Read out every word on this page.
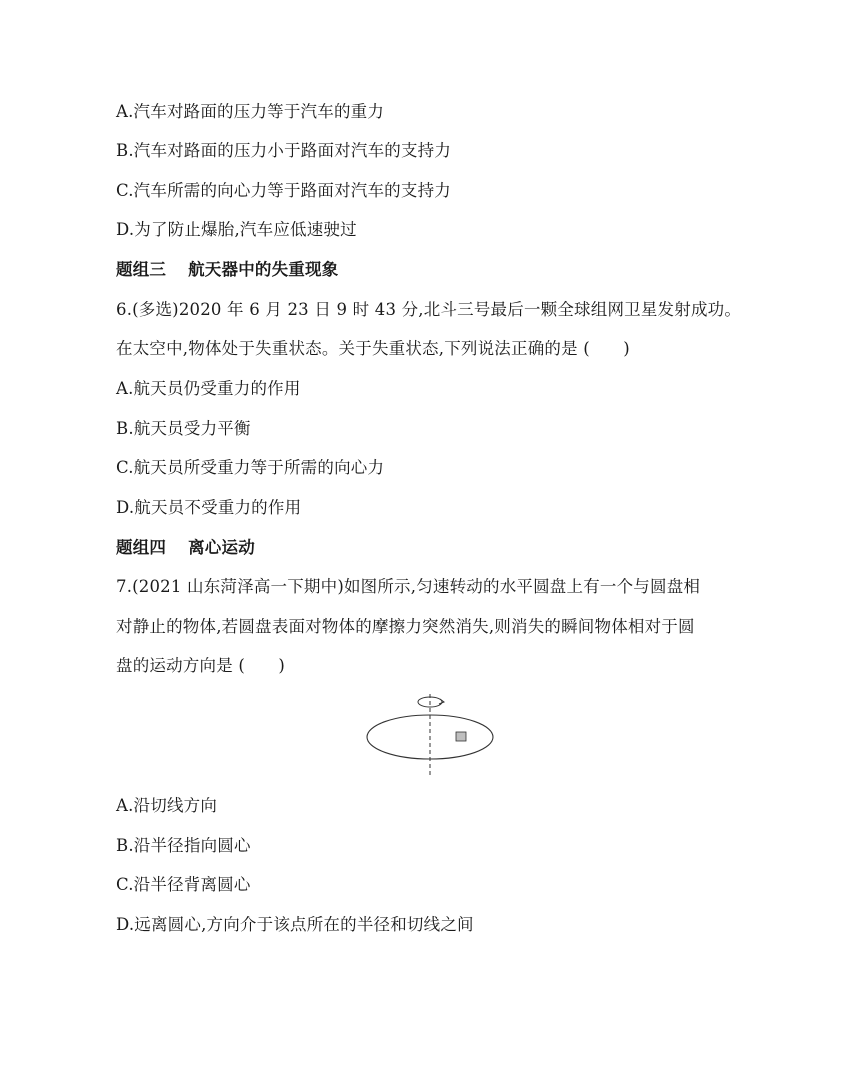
A.汽车对路面的压力等于汽车的重力
B.汽车对路面的压力小于路面对汽车的支持力
C.汽车所需的向心力等于路面对汽车的支持力
D.为了防止爆胎,汽车应低速驶过
题组三 航天器中的失重现象
6.(多选)2020 年 6 月 23 日 9 时 43 分,北斗三号最后一颗全球组网卫星发射成功。
在太空中,物体处于失重状态。关于失重状态,下列说法正确的是 (　　)
A.航天员仍受重力的作用
B.航天员受力平衡
C.航天员所受重力等于所需的向心力
D.航天员不受重力的作用
题组四 离心运动
7.(2021 山东菏泽高一下期中)如图所示,匀速转动的水平圆盘上有一个与圆盘相
对静止的物体,若圆盘表面对物体的摩擦力突然消失,则消失的瞬间物体相对于圆
盘的运动方向是 (　　)
A.沿切线方向
B.沿半径指向圆心
C.沿半径背离圆心
D.远离圆心,方向介于该点所在的半径和切线之间
